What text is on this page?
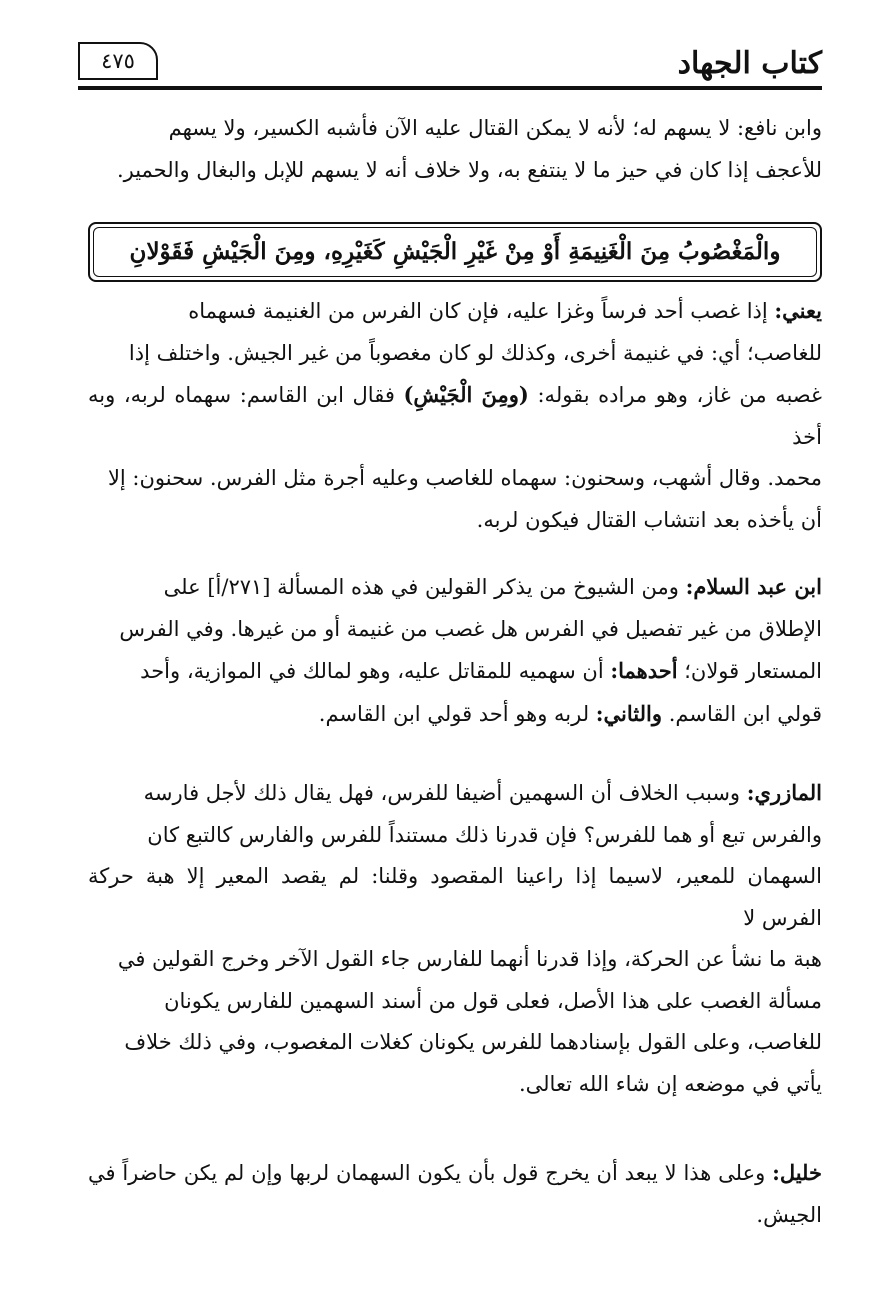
كتاب الجهاد
٤٧٥
وابن نافع: لا يسهم له؛ لأنه لا يمكن القتال عليه الآن فأشبه الكسير، ولا يسهم
للأعجف إذا كان في حيز ما لا ينتفع به، ولا خلاف أنه لا يسهم للإبل والبغال والحمير.
والْمَغْصُوبُ مِنَ الْغَنِيمَةِ أَوْ مِنْ غَيْرِ الْجَيْشِ كَغَيْرِهِ، ومِنَ الْجَيْشِ فَقَوْلانِ
يعني: إذا غصب أحد فرساً وغزا عليه، فإن كان الفرس من الغنيمة فسهماه
للغاصب؛ أي: في غنيمة أخرى، وكذلك لو كان مغصوباً من غير الجيش. واختلف إذا
غصبه من غاز، وهو مراده بقوله: (ومِنَ الْجَيْشِ) فقال ابن القاسم: سهماه لربه، وبه أخذ
محمد. وقال أشهب، وسحنون: سهماه للغاصب وعليه أجرة مثل الفرس. سحنون: إلا
أن يأخذه بعد انتشاب القتال فيكون لربه.
ابن عبد السلام: ومن الشيوخ من يذكر القولين في هذه المسألة [٢٧١/أ] على
الإطلاق من غير تفصيل في الفرس هل غصب من غنيمة أو من غيرها. وفي الفرس
المستعار قولان؛ أحدهما: أن سهميه للمقاتل عليه، وهو لمالك في الموازية، وأحد
قولي ابن القاسم. والثاني: لربه وهو أحد قولي ابن القاسم.
المازري: وسبب الخلاف أن السهمين أضيفا للفرس، فهل يقال ذلك لأجل فارسه
والفرس تبع أو هما للفرس؟ فإن قدرنا ذلك مستنداً للفرس والفارس كالتبع كان
السهمان للمعير، لاسيما إذا راعينا المقصود وقلنا: لم يقصد المعير إلا هبة حركة الفرس لا
هبة ما نشأ عن الحركة، وإذا قدرنا أنهما للفارس جاء القول الآخر وخرج القولين في
مسألة الغصب على هذا الأصل، فعلى قول من أسند السهمين للفارس يكونان
للغاصب، وعلى القول بإسنادهما للفرس يكونان كغلات المغصوب، وفي ذلك خلاف
يأتي في موضعه إن شاء الله تعالى.
خليل: وعلى هذا لا يبعد أن يخرج قول بأن يكون السهمان لربها وإن لم يكن حاضراً في الجيش.
